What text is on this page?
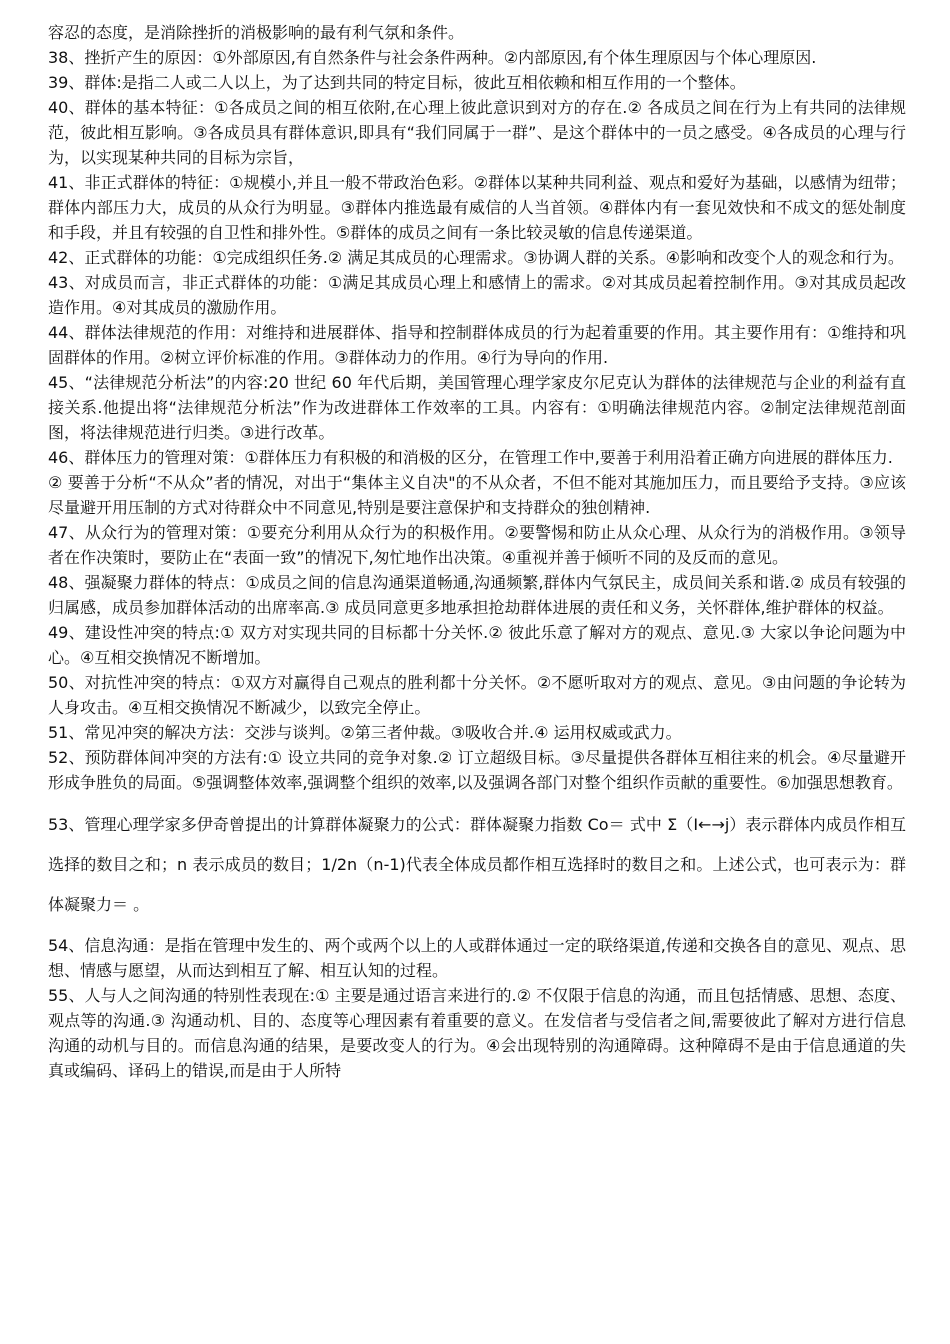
容忍的态度，是消除挫折的消极影响的最有利气氛和条件。

38、挫折产生的原因：①外部原因,有自然条件与社会条件两种。②内部原因,有个体生理原因与个体心理原因.

39、群体:是指二人或二人以上，为了达到共同的特定目标，彼此互相依赖和相互作用的一个整体。

40、群体的基本特征：①各成员之间的相互依附,在心理上彼此意识到对方的存在.② 各成员之间在行为上有共同的法律规范，彼此相互影响。③各成员具有群体意识,即具有“我们同属于一群”、是这个群体中的一员之感受。④各成员的心理与行为，以实现某种共同的目标为宗旨，

41、非正式群体的特征：①规模小,并且一般不带政治色彩。②群体以某种共同利益、观点和爱好为基础，以感情为纽带；群体内部压力大，成员的从众行为明显。③群体内推选最有威信的人当首领。④群体内有一套见效快和不成文的惩处制度和手段，并且有较强的自卫性和排外性。⑤群体的成员之间有一条比较灵敏的信息传递渠道。

42、正式群体的功能：①完成组织任务.② 满足其成员的心理需求。③协调人群的关系。④影响和改变个人的观念和行为。

43、对成员而言，非正式群体的功能：①满足其成员心理上和感情上的需求。②对其成员起着控制作用。③对其成员起改造作用。④对其成员的激励作用。

44、群体法律规范的作用：对维持和进展群体、指导和控制群体成员的行为起着重要的作用。其主要作用有：①维持和巩固群体的作用。②树立评价标准的作用。③群体动力的作用。④行为导向的作用.

45、“法律规范分析法”的内容:20 世纪 60 年代后期，美国管理心理学家皮尔尼克认为群体的法律规范与企业的利益有直接关系.他提出将“法律规范分析法”作为改进群体工作效率的工具。内容有：①明确法律规范内容。②制定法律规范剖面图，将法律规范进行归类。③进行改革。

46、群体压力的管理对策：①群体压力有积极的和消极的区分，在管理工作中,要善于利用沿着正确方向进展的群体压力.

② 要善于分析“不从众”者的情况，对出于“集体主义自决"的不从众者，不但不能对其施加压力，而且要给予支持。③应该尽量避开用压制的方式对待群众中不同意见,特别是要注意保护和支持群众的独创精神.

47、从众行为的管理对策：①要充分利用从众行为的积极作用。②要警惕和防止从众心理、从众行为的消极作用。③领导者在作决策时，要防止在“表面一致”的情况下,匆忙地作出决策。④重视并善于倾听不同的及反而的意见。

48、强凝聚力群体的特点：①成员之间的信息沟通渠道畅通,沟通频繁,群体内气氛民主，成员间关系和谐.② 成员有较强的归属感，成员参加群体活动的出席率高.③ 成员同意更多地承担抢劫群体进展的责任和义务，关怀群体,维护群体的权益。

49、建设性冲突的特点:① 双方对实现共同的目标都十分关怀.② 彼此乐意了解对方的观点、意见.③ 大家以争论问题为中心。④互相交换情况不断增加。

50、对抗性冲突的特点：①双方对赢得自己观点的胜利都十分关怀。②不愿听取对方的观点、意见。③由问题的争论转为人身攻击。④互相交换情况不断减少，以致完全停止。

51、常见冲突的解决方法：交涉与谈判。②第三者仲裁。③吸收合并.④ 运用权威或武力。

52、预防群体间冲突的方法有:① 设立共同的竞争对象.② 订立超级目标。③尽量提供各群体互相往来的机会。④尽量避开形成争胜负的局面。⑤强调整体效率,强调整个组织的效率,以及强调各部门对整个组织作贡献的重要性。⑥加强思想教育。

53、管理心理学家多伊奇曾提出的计算群体凝聚力的公式：群体凝聚力指数 Co＝ 式中 Σ（I←→j）表示群体内成员作相互选择的数目之和；n 表示成员的数目；1/2n（n-1)代表全体成员都作相互选择时的数目之和。上述公式，也可表示为：群体凝聚力＝ 。

54、信息沟通：是指在管理中发生的、两个或两个以上的人或群体通过一定的联络渠道,传递和交换各自的意见、观点、思想、情感与愿望，从而达到相互了解、相互认知的过程。

55、人与人之间沟通的特别性表现在:① 主要是通过语言来进行的.② 不仅限于信息的沟通，而且包括情感、思想、态度、观点等的沟通.③ 沟通动机、目的、态度等心理因素有着重要的意义。在发信者与受信者之间,需要彼此了解对方进行信息沟通的动机与目的。而信息沟通的结果，是要改变人的行为。④会出现特别的沟通障碍。这种障碍不是由于信息通道的失真或编码、译码上的错误,而是由于人所特
